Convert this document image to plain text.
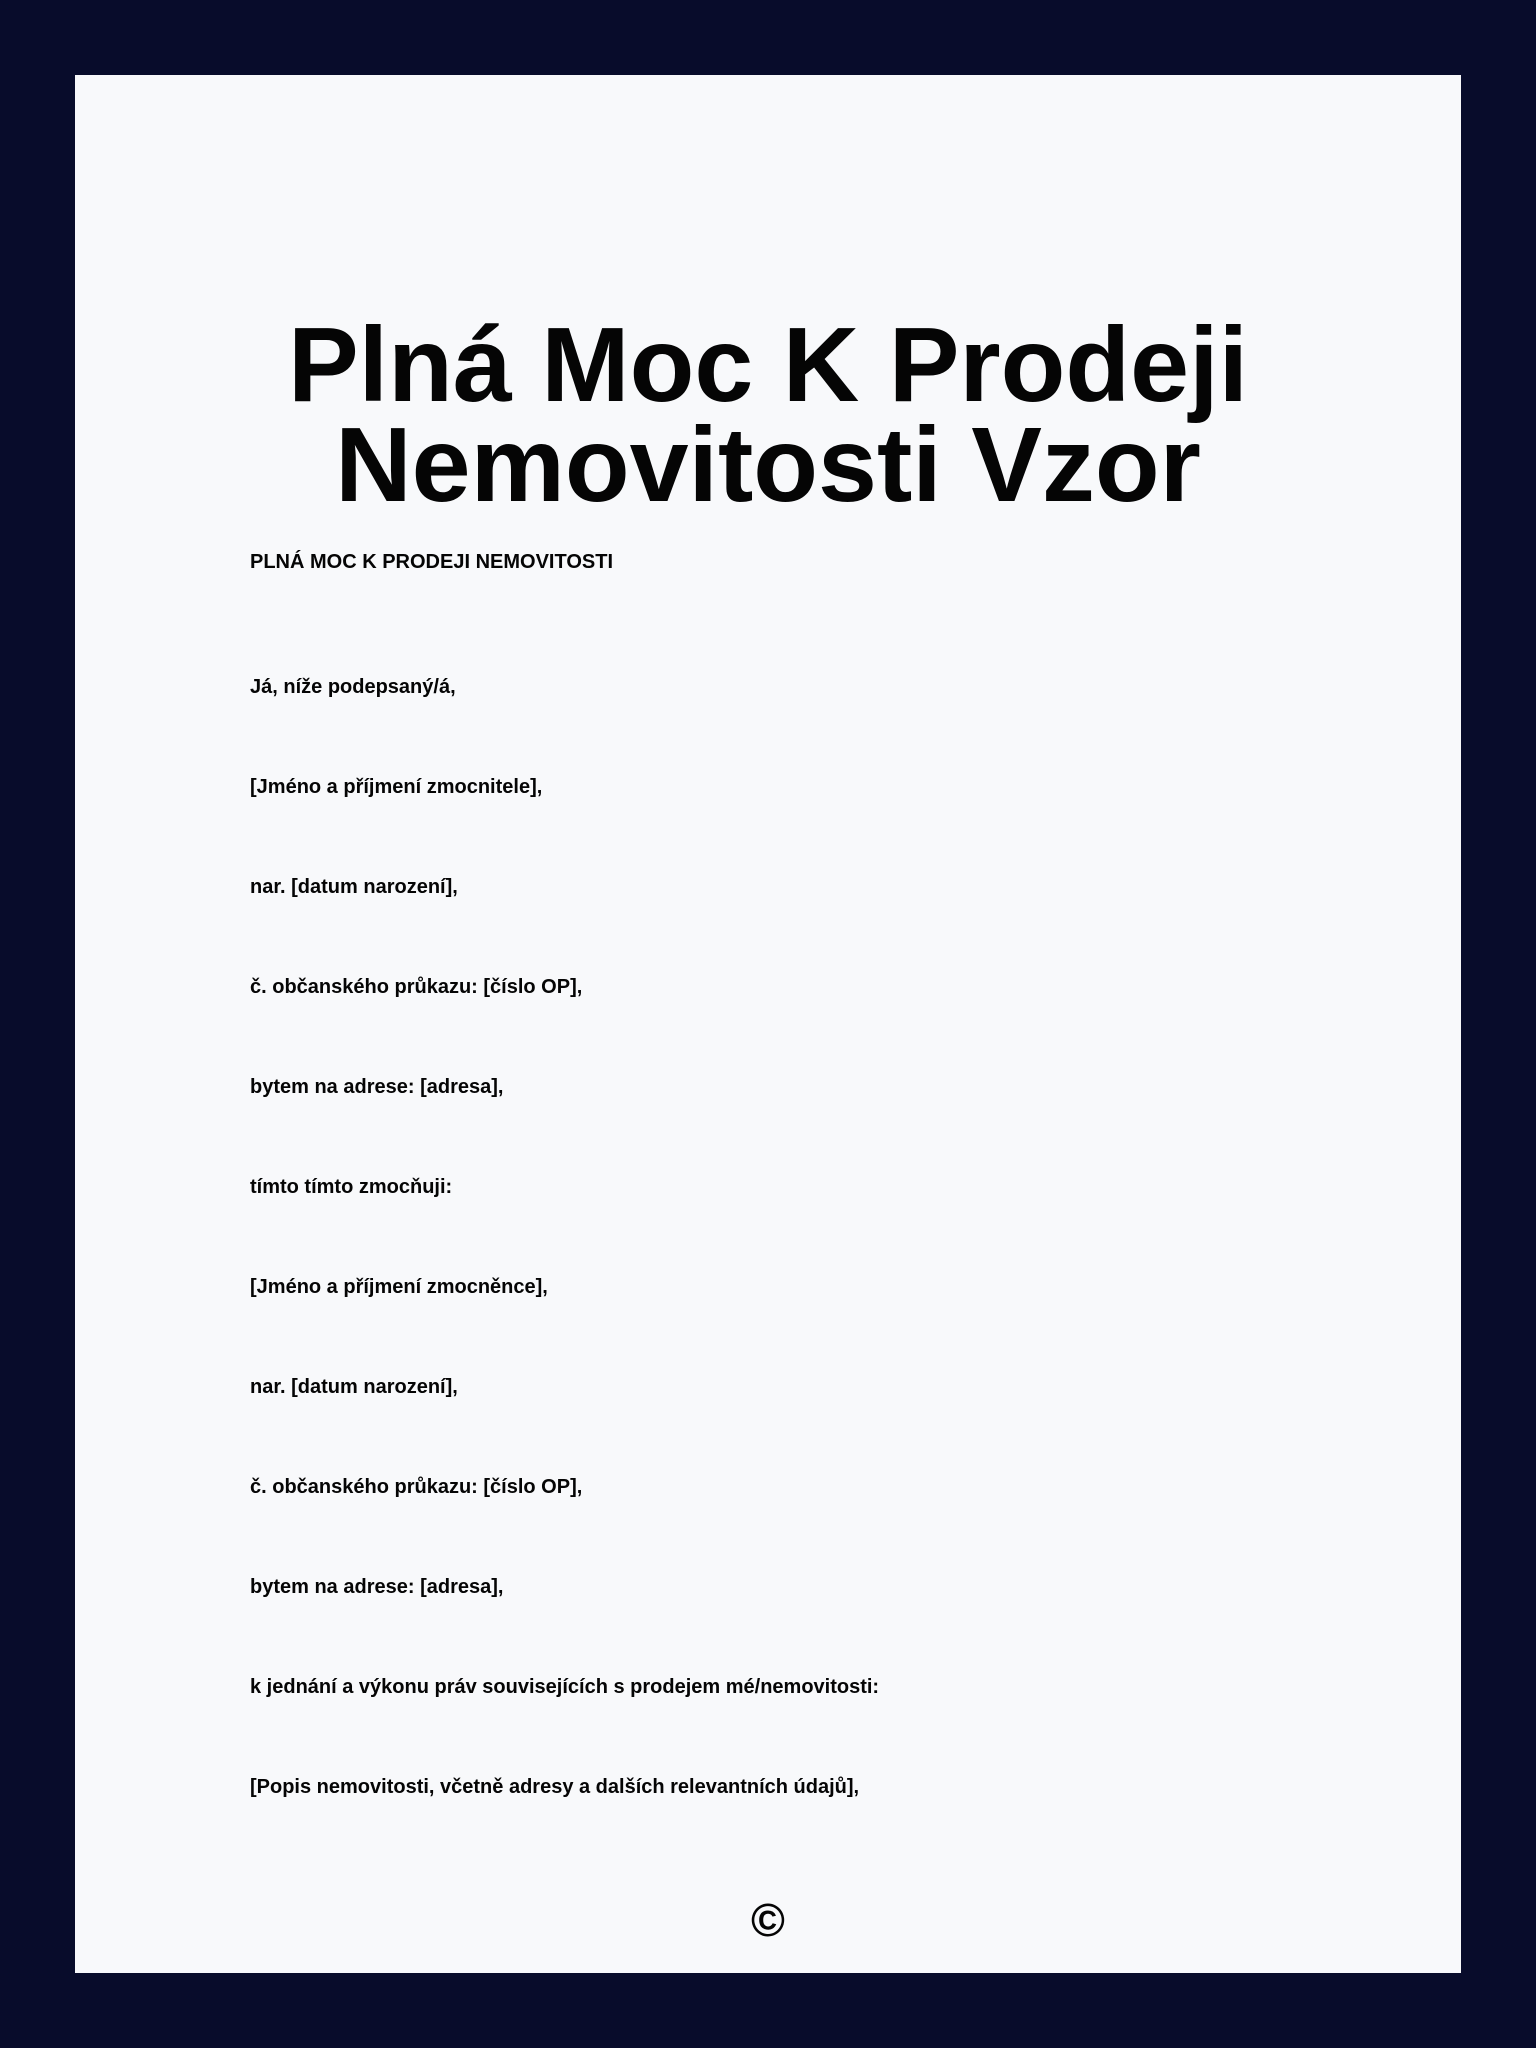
Plná Moc K Prodeji
Nemovitosti Vzor

PLNÁ MOC K PRODEJI NEMOVITOSTI

Já, níže podepsaný/á,
[Jméno a příjmení zmocnitele],
nar. [datum narození],
č. občanského průkazu: [číslo OP],
bytem na adrese: [adresa],
tímto tímto zmocňuji:
[Jméno a příjmení zmocněnce],
nar. [datum narození],
č. občanského průkazu: [číslo OP],
bytem na adrese: [adresa],
k jednání a výkonu práv souvisejících s prodejem mé/nemovitosti:
[Popis nemovitosti, včetně adresy a dalších relevantních údajů],
©
